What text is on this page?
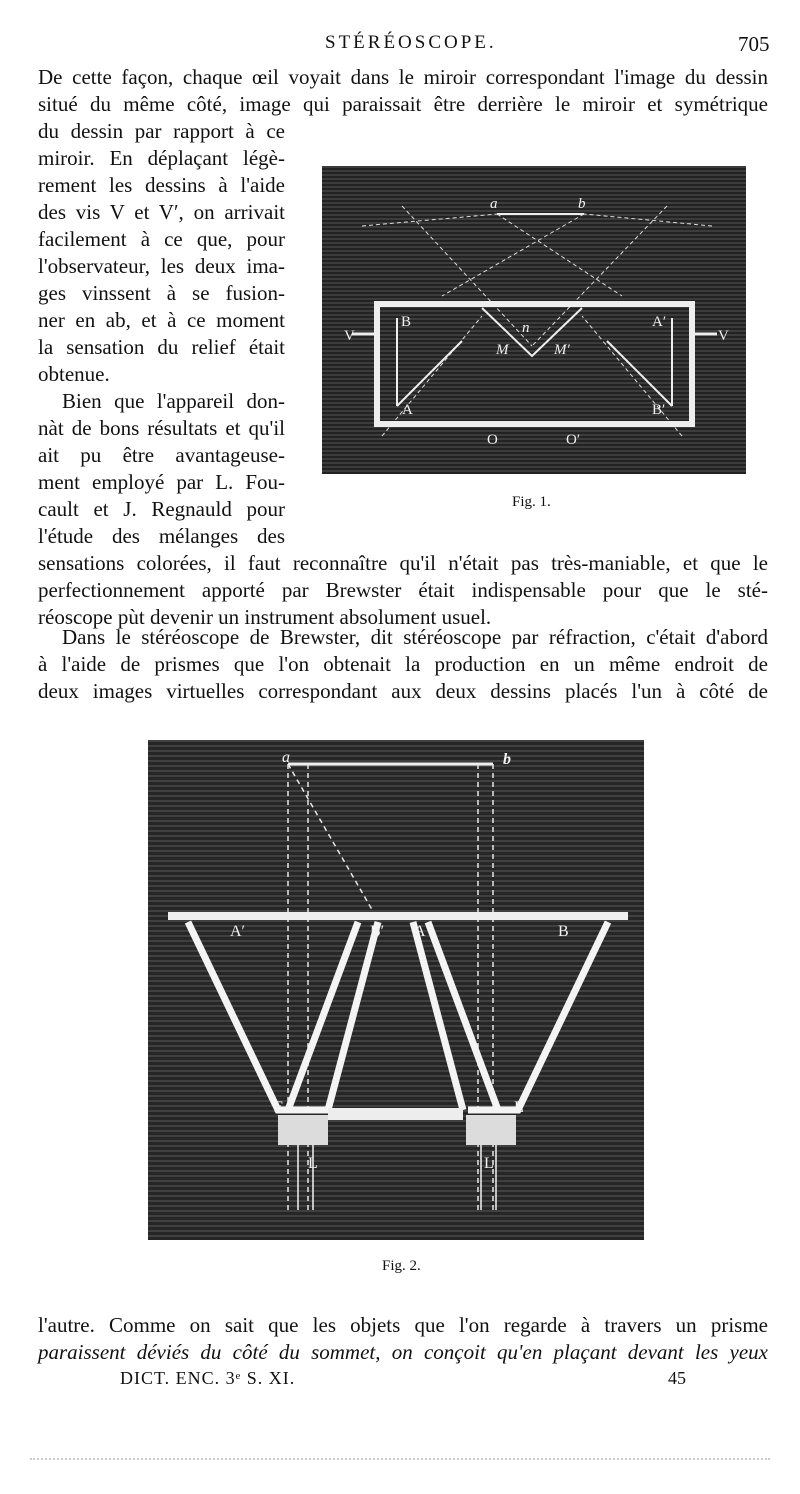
STÉRÉOSCOPE.	705
De cette façon, chaque œil voyait dans le miroir correspondant l'image du dessin
situé du même côté, image qui paraissait être derrière le miroir et symétrique
du dessin par rapport à ce
miroir. En déplaçant légè-
rement les dessins à l'aide
des vis V et V′, on arrivait
facilement à ce que, pour
l'observateur, les deux ima-
ges vinssent à se fusion-
ner en ab, et à ce moment
la sensation du relief était
obtenue.
Bien que l'appareil don-
nàt de bons résultats et qu'il
ait pu être avantageuse-
ment employé par L. Fou-
cault et J. Regnauld pour
l'étude des mélanges des
sensations colorées, il faut reconnaître qu'il n'était pas très-maniable, et que le
perfectionnement apporté par Brewster était indispensable pour que le sté-
réoscope pùt devenir un instrument absolument usuel.
Dans le stéréoscope de Brewster, dit stéréoscope par réfraction, c'était d'abord
à l'aide de prismes que l'on obtenait la production en un même endroit de
deux images virtuelles correspondant aux deux dessins placés l'un à côté de
a	b
n
M	M′
V	V
B	A′
A	B′
O	O′
Fig. 1.
a	b
A′	B′ A	B
E	E
L	L
Fig. 2.
l'autre. Comme on sait que les objets que l'on regarde à travers un prisme
paraissent déviés du côté du sommet, on conçoit qu'en plaçant devant les yeux
DICT. ENC. 3ᵉ S. XI.	45
